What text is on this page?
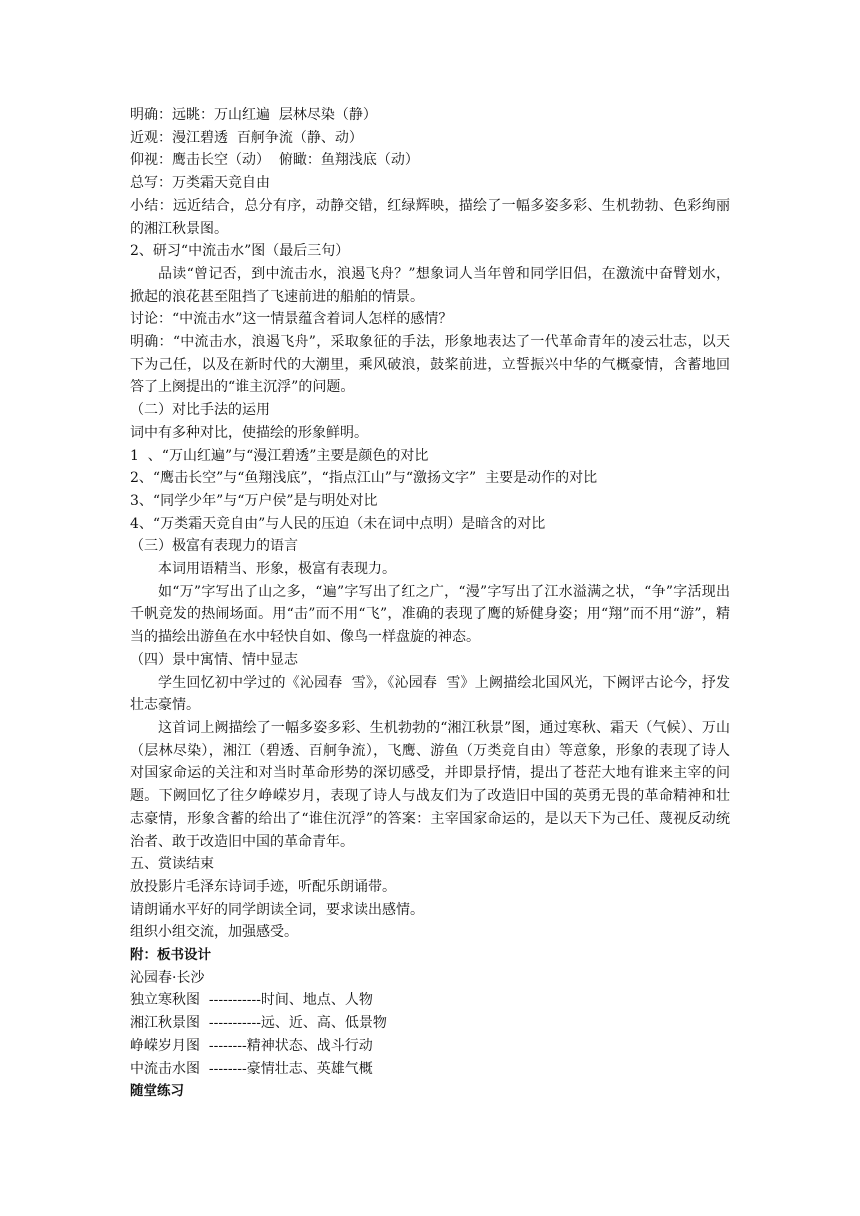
明确：远眺：万山红遍  层林尽染（静）

近观：漫江碧透  百舸争流（静、动）

仰视：鹰击长空（动）  俯瞰：鱼翔浅底（动）

总写：万类霜天竞自由

小结：远近结合，总分有序，动静交错，红绿辉映，描绘了一幅多姿多彩、生机勃勃、色彩绚丽的湘江秋景图。

2、研习“中流击水”图（最后三句）

品读“曾记否，到中流击水，浪遏飞舟？”想象词人当年曾和同学旧侣，在激流中奋臂划水，掀起的浪花甚至阻挡了飞速前进的船舶的情景。

讨论：“中流击水”这一情景蕴含着词人怎样的感情？

明确：“中流击水，浪遏飞舟”，采取象征的手法，形象地表达了一代革命青年的凌云壮志，以天下为己任，以及在新时代的大潮里，乘风破浪，鼓桨前进，立誓振兴中华的气概豪情，含蓄地回答了上阕提出的“谁主沉浮”的问题。

（二）对比手法的运用

词中有多种对比，使描绘的形象鲜明。

1  、“万山红遍”与“漫江碧透”主要是颜色的对比

2、“鹰击长空”与“鱼翔浅底”，“指点江山”与“激扬文字”  主要是动作的对比

3、“同学少年”与“万户侯”是与明处对比

4、“万类霜天竞自由”与人民的压迫（未在词中点明）是暗含的对比

（三）极富有表现力的语言

本词用语精当、形象，极富有表现力。

如“万”字写出了山之多，“遍”字写出了红之广，“漫”字写出了江水溢满之状，“争”字活现出千帆竞发的热闹场面。用“击”而不用“飞”，准确的表现了鹰的矫健身姿；用“翔”而不用“游”，精当的描绘出游鱼在水中轻快自如、像鸟一样盘旋的神态。

（四）景中寓情、情中显志

学生回忆初中学过的《沁园春  雪》，《沁园春  雪》上阙描绘北国风光，下阙评古论今，抒发壮志豪情。

这首词上阙描绘了一幅多姿多彩、生机勃勃的“湘江秋景”图，通过寒秋、霜天（气候）、万山（层林尽染），湘江（碧透、百舸争流），飞鹰、游鱼（万类竞自由）等意象，形象的表现了诗人对国家命运的关注和对当时革命形势的深切感受，并即景抒情，提出了苍茫大地有谁来主宰的问题。下阙回忆了往夕峥嵘岁月，表现了诗人与战友们为了改造旧中国的英勇无畏的革命精神和壮志豪情，形象含蓄的给出了“谁住沉浮”的答案：主宰国家命运的，是以天下为己任、蔑视反动统治者、敢于改造旧中国的革命青年。

五、赏读结束

放投影片毛泽东诗词手迹，听配乐朗诵带。

请朗诵水平好的同学朗读全词，要求读出感情。

组织小组交流，加强感受。

附：板书设计

沁园春·长沙

独立寒秋图  -----------时间、地点、人物

湘江秋景图  -----------远、近、高、低景物

峥嵘岁月图  --------精神状态、战斗行动

中流击水图  --------豪情壮志、英雄气概

随堂练习
